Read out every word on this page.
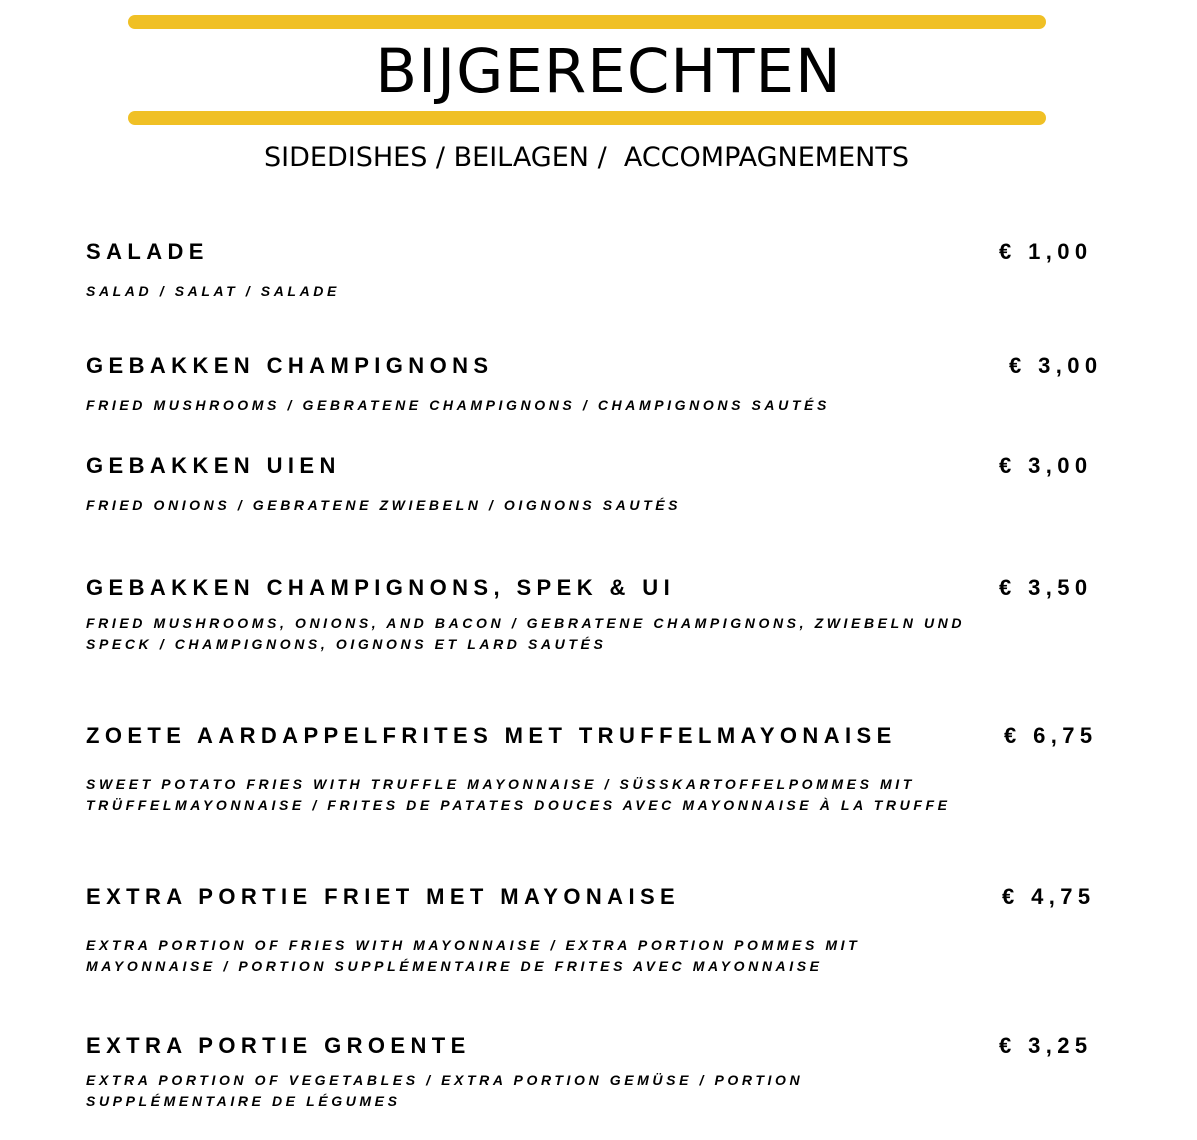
BIJGERECHTEN

SIDEDISHES / BEILAGEN /  ACCOMPAGNEMENTS

SALADE	€ 1,00
SALAD / SALAT / SALADE
GEBAKKEN CHAMPIGNONS	€ 3,00
FRIED MUSHROOMS / GEBRATENE CHAMPIGNONS / CHAMPIGNONS SAUTÉS
GEBAKKEN UIEN	€ 3,00
FRIED ONIONS / GEBRATENE ZWIEBELN / OIGNONS SAUTÉS
GEBAKKEN CHAMPIGNONS, SPEK & UI	€ 3,50
FRIED MUSHROOMS, ONIONS, AND BACON / GEBRATENE CHAMPIGNONS, ZWIEBELN UND SPECK / CHAMPIGNONS, OIGNONS ET LARD SAUTÉS
ZOETE AARDAPPELFRITES MET TRUFFELMAYONAISE	€ 6,75
SWEET POTATO FRIES WITH TRUFFLE MAYONNAISE / SÜSSKARTOFFELPOMMES MIT TRÜFFELMAYONNAISE / FRITES DE PATATES DOUCES AVEC MAYONNAISE À LA TRUFFE
EXTRA PORTIE FRIET MET MAYONAISE	€ 4,75
EXTRA PORTION OF FRIES WITH MAYONNAISE / EXTRA PORTION POMMES MIT MAYONNAISE / PORTION SUPPLÉMENTAIRE DE FRITES AVEC MAYONNAISE
EXTRA PORTIE GROENTE	€ 3,25
EXTRA PORTION OF VEGETABLES / EXTRA PORTION GEMÜSE / PORTION SUPPLÉMENTAIRE DE LÉGUMES
